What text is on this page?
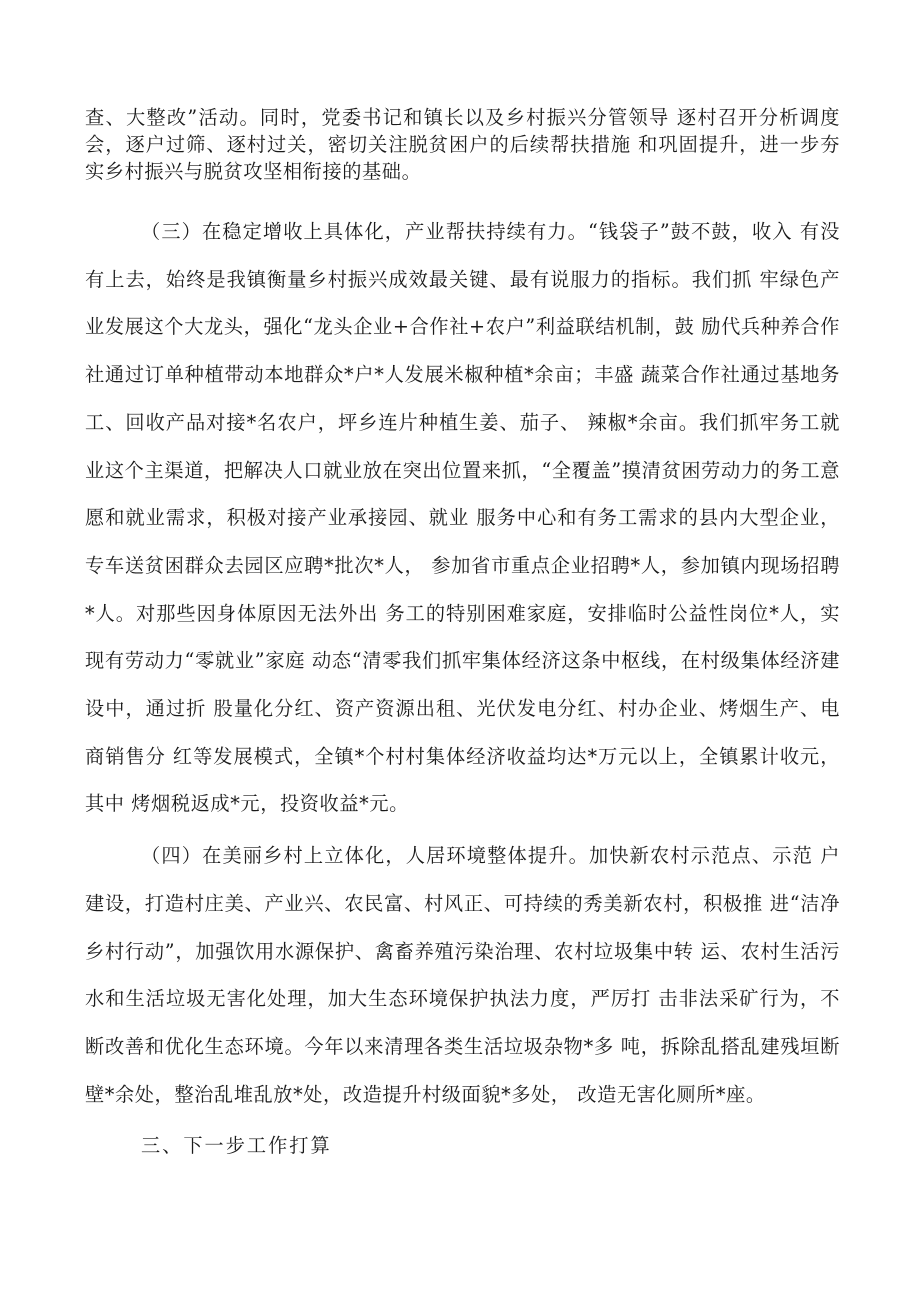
查、大整改”活动。同时，党委书记和镇长以及乡村振兴分管领导 逐村召开分析调度会，逐户过筛、逐村过关，密切关注脱贫困户的后续帮扶措施 和巩固提升，进一步夯实乡村振兴与脱贫攻坚相衔接的基础。

（三）在稳定增收上具体化，产业帮扶持续有力。“钱袋子”鼓不鼓，收入 有没有上去，始终是我镇衡量乡村振兴成效最关键、最有说服力的指标。我们抓 牢绿色产业发展这个大龙头，强化“龙头企业+合作社+农户”利益联结机制，鼓 励代兵种养合作社通过订单种植带动本地群众*户*人发展米椒种植*余亩；丰盛 蔬菜合作社通过基地务工、回收产品对接*名农户，坪乡连片种植生姜、茄子、 辣椒*余亩。我们抓牢务工就业这个主渠道，把解决人口就业放在突出位置来抓，“全覆盖”摸清贫困劳动力的务工意愿和就业需求，积极对接产业承接园、就业 服务中心和有务工需求的县内大型企业，专车送贫困群众去园区应聘*批次*人， 参加省市重点企业招聘*人，参加镇内现场招聘*人。对那些因身体原因无法外出 务工的特别困难家庭，安排临时公益性岗位*人，实现有劳动力“零就业”家庭 动态“清零我们抓牢集体经济这条中枢线，在村级集体经济建设中，通过折 股量化分红、资产资源出租、光伏发电分红、村办企业、烤烟生产、电商销售分 红等发展模式，全镇*个村村集体经济收益均达*万元以上，全镇累计收元，其中 烤烟税返成*元，投资收益*元。

（四）在美丽乡村上立体化，人居环境整体提升。加快新农村示范点、示范 户建设，打造村庄美、产业兴、农民富、村风正、可持续的秀美新农村，积极推 进“洁净乡村行动”，加强饮用水源保护、禽畜养殖污染治理、农村垃圾集中转 运、农村生活污水和生活垃圾无害化处理，加大生态环境保护执法力度，严厉打 击非法采矿行为，不断改善和优化生态环境。今年以来清理各类生活垃圾杂物*多 吨，拆除乱搭乱建残垣断壁*余处，整治乱堆乱放*处，改造提升村级面貌*多处， 改造无害化厕所*座。

三、下一步工作打算
